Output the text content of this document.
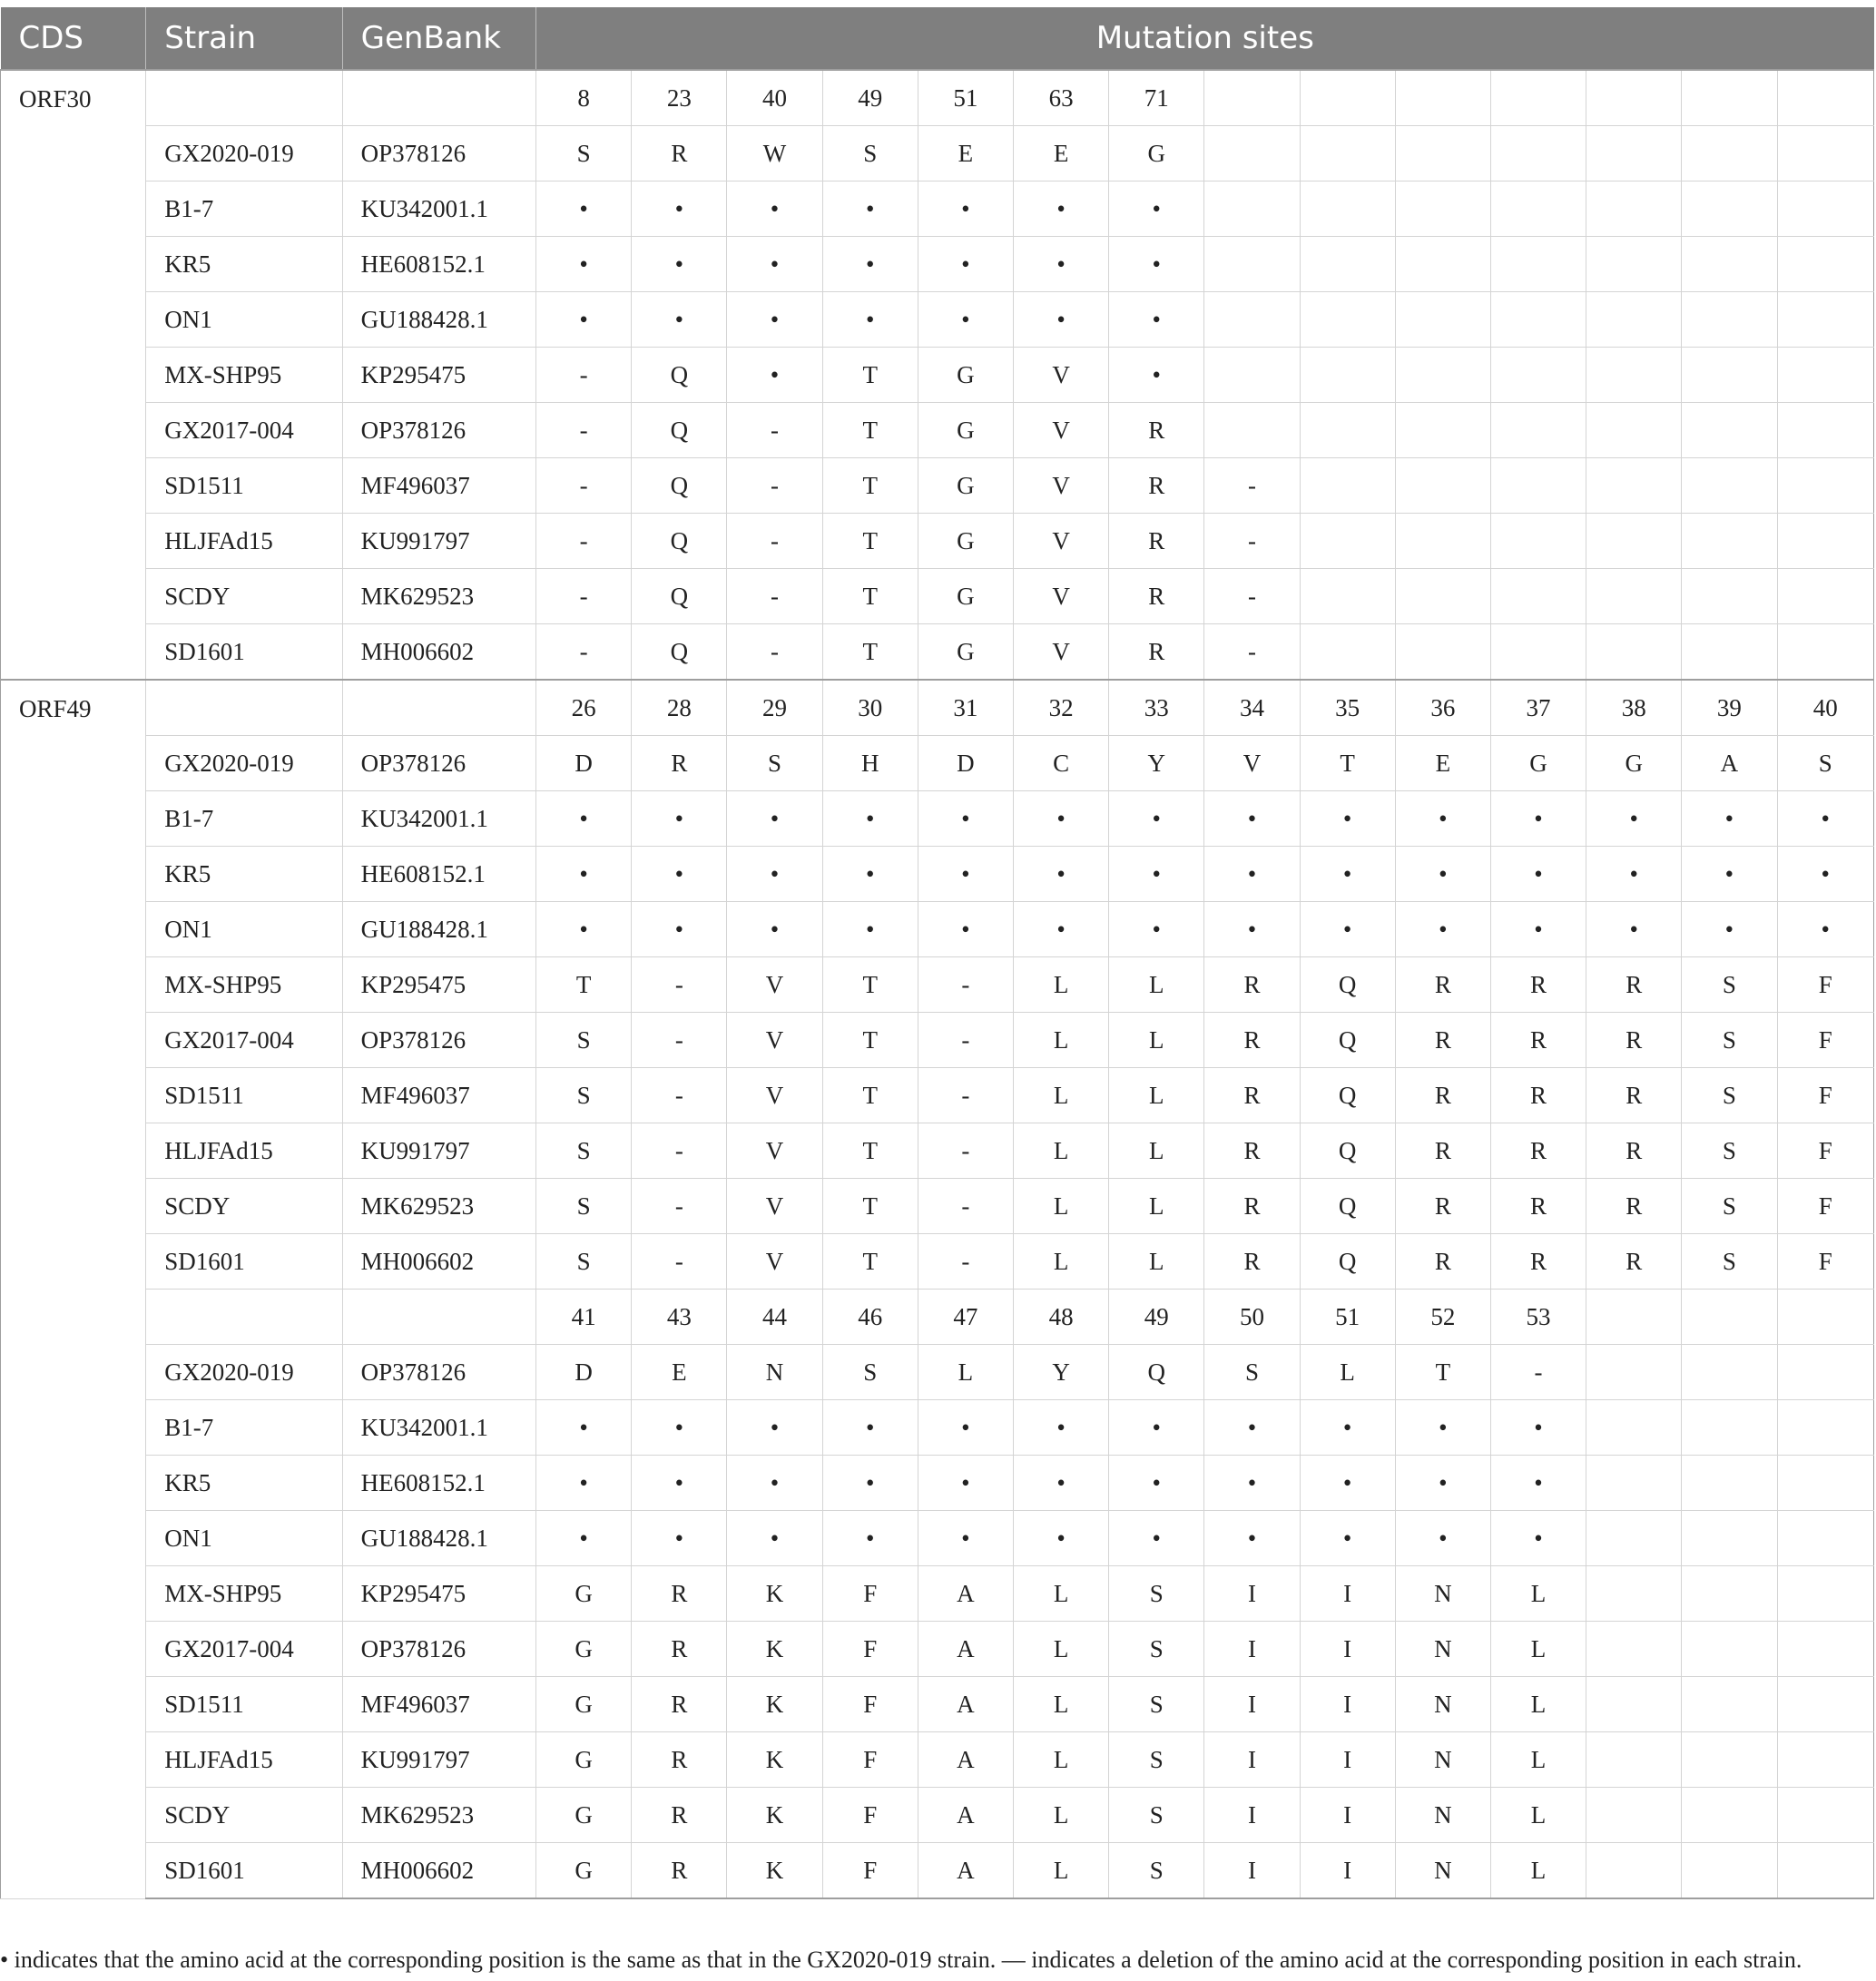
CDS	Strain	GenBank	Mutation sites													
ORF30			8	23	40	49	51	63	71							
	GX2020-019	OP378126	S	R	W	S	E	E	G							
	B1-7	KU342001.1	•	•	•	•	•	•	•							
	KR5	HE608152.1	•	•	•	•	•	•	•							
	ON1	GU188428.1	•	•	•	•	•	•	•							
	MX-SHP95	KP295475	-	Q	•	T	G	V	•							
	GX2017-004	OP378126	-	Q	-	T	G	V	R							
	SD1511	MF496037	-	Q	-	T	G	V	R	-						
	HLJFAd15	KU991797	-	Q	-	T	G	V	R	-						
	SCDY	MK629523	-	Q	-	T	G	V	R	-						
	SD1601	MH006602	-	Q	-	T	G	V	R	-						
ORF49			26	28	29	30	31	32	33	34	35	36	37	38	39	40
	GX2020-019	OP378126	D	R	S	H	D	C	Y	V	T	E	G	G	A	S
	B1-7	KU342001.1	•	•	•	•	•	•	•	•	•	•	•	•	•	•
	KR5	HE608152.1	•	•	•	•	•	•	•	•	•	•	•	•	•	•
	ON1	GU188428.1	•	•	•	•	•	•	•	•	•	•	•	•	•	•
	MX-SHP95	KP295475	T	-	V	T	-	L	L	R	Q	R	R	R	S	F
	GX2017-004	OP378126	S	-	V	T	-	L	L	R	Q	R	R	R	S	F
	SD1511	MF496037	S	-	V	T	-	L	L	R	Q	R	R	R	S	F
	HLJFAd15	KU991797	S	-	V	T	-	L	L	R	Q	R	R	R	S	F
	SCDY	MK629523	S	-	V	T	-	L	L	R	Q	R	R	R	S	F
	SD1601	MH006602	S	-	V	T	-	L	L	R	Q	R	R	R	S	F
			41	43	44	46	47	48	49	50	51	52	53			
	GX2020-019	OP378126	D	E	N	S	L	Y	Q	S	L	T	-			
	B1-7	KU342001.1	•	•	•	•	•	•	•	•	•	•	•			
	KR5	HE608152.1	•	•	•	•	•	•	•	•	•	•	•			
	ON1	GU188428.1	•	•	•	•	•	•	•	•	•	•	•			
	MX-SHP95	KP295475	G	R	K	F	A	L	S	I	I	N	L			
	GX2017-004	OP378126	G	R	K	F	A	L	S	I	I	N	L			
	SD1511	MF496037	G	R	K	F	A	L	S	I	I	N	L			
	HLJFAd15	KU991797	G	R	K	F	A	L	S	I	I	N	L			
	SCDY	MK629523	G	R	K	F	A	L	S	I	I	N	L			
	SD1601	MH006602	G	R	K	F	A	L	S	I	I	N	L			
• indicates that the amino acid at the corresponding position is the same as that in the GX2020-019 strain. — indicates a deletion of the amino acid at the corresponding position in each strain.
